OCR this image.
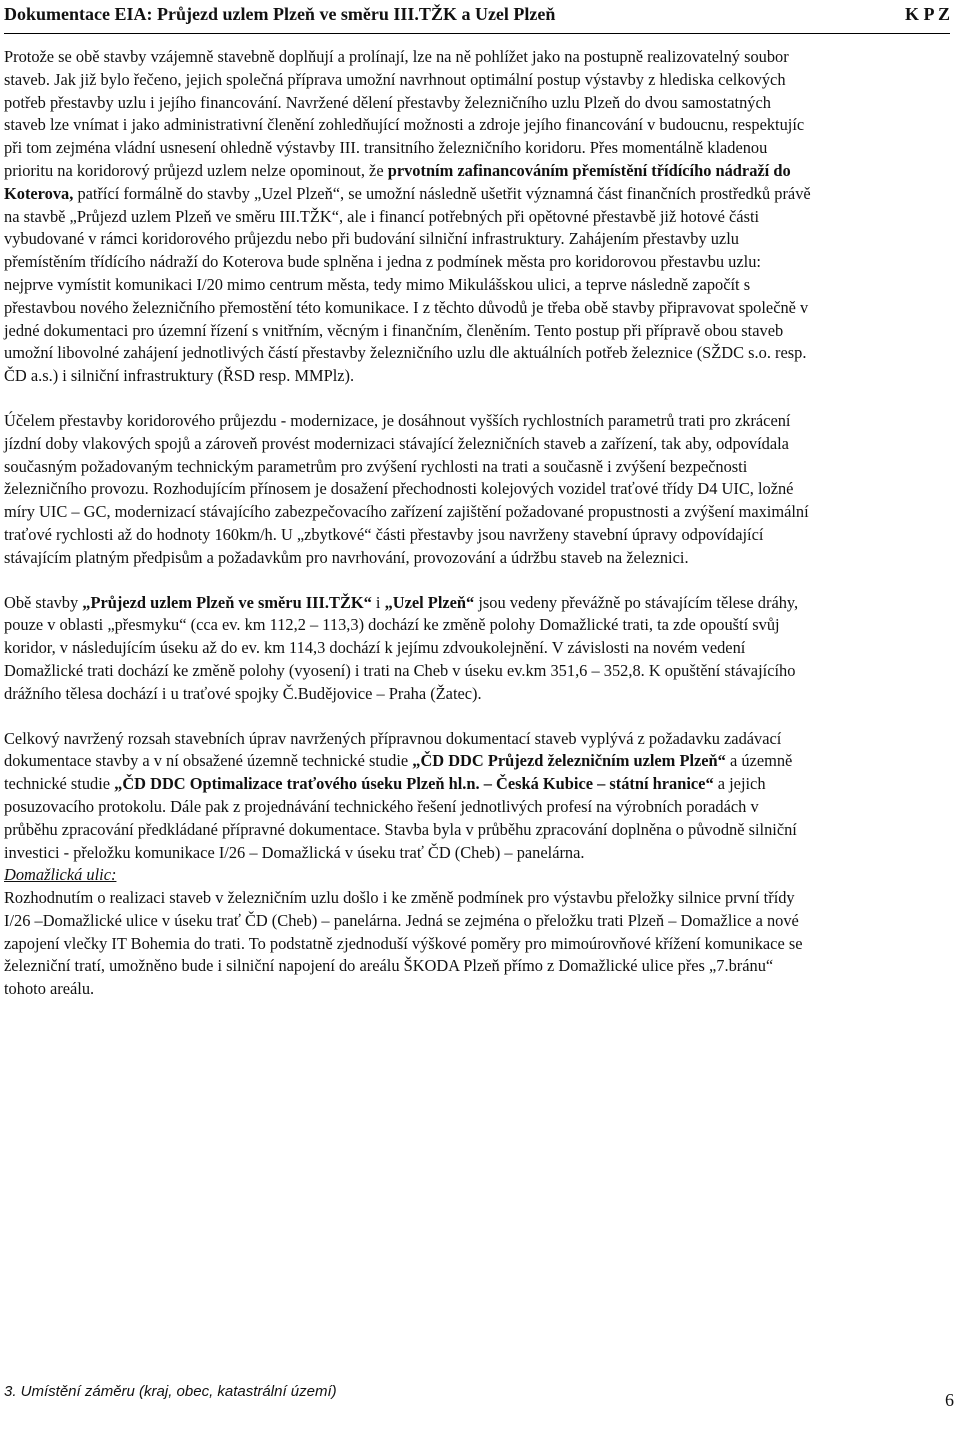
Dokumentace EIA: Průjezd uzlem Plzeň ve směru III.TŽK a Uzel Plzeň	K P Z

Protože se obě stavby vzájemně stavebně doplňují a prolínají, lze na ně pohlížet jako na postupně realizovatelný soubor staveb. Jak již bylo řečeno, jejich společná příprava umožní navrhnout optimální postup výstavby z hlediska celkových potřeb přestavby uzlu i jejího financování. Navržené dělení přestavby železničního uzlu Plzeň do dvou samostatných staveb lze vnímat i jako administrativní členění zohledňující možnosti a zdroje jejího financování v budoucnu, respektujíc při tom zejména vládní usnesení ohledně výstavby III. transitního železničního koridoru. Přes momentálně kladenou prioritu na koridorový průjezd uzlem nelze opominout, že prvotním zafinancováním přemístění třídícího nádraží do Koterova, patřící formálně do stavby „Uzel Plzeň“, se umožní následně ušetřit významná část finančních prostředků právě na stavbě „Průjezd uzlem Plzeň ve směru III.TŽK“, ale i financí potřebných při opětovné přestavbě již hotové části vybudované v rámci koridorového průjezdu nebo při budování silniční infrastruktury. Zahájením přestavby uzlu přemístěním třídícího nádraží do Koterova bude splněna i jedna z podmínek města pro koridorovou přestavbu uzlu: nejprve vymístit komunikaci I/20 mimo centrum města, tedy mimo Mikulášskou ulici, a teprve následně započít s přestavbou nového železničního přemostění této komunikace. I z těchto důvodů je třeba obě stavby připravovat společně v jedné dokumentaci pro územní řízení s vnitřním, věcným i finančním, členěním. Tento postup při přípravě obou staveb umožní libovolné zahájení jednotlivých částí přestavby železničního uzlu dle aktuálních potřeb železnice (SŽDC s.o. resp. ČD a.s.) i silniční infrastruktury (ŘSD resp. MMPlz).

Účelem přestavby koridorového průjezdu - modernizace, je dosáhnout vyšších rychlostních parametrů trati pro zkrácení jízdní doby vlakových spojů a zároveň provést modernizaci stávající železničních staveb a zařízení, tak aby, odpovídala současným požadovaným technickým parametrům pro zvýšení rychlosti na trati a současně i zvýšení bezpečnosti železničního provozu. Rozhodujícím přínosem je dosažení přechodnosti kolejových vozidel traťové třídy D4 UIC, ložné míry UIC – GC, modernizací stávajícího zabezpečovacího zařízení zajištění požadované propustnosti a zvýšení maximální traťové rychlosti až do hodnoty 160km/h. U „zbytkové“ části přestavby jsou navrženy stavební úpravy odpovídající stávajícím platným předpisům a požadavkům pro navrhování, provozování a údržbu staveb na železnici.

Obě stavby „Průjezd uzlem Plzeň ve směru III.TŽK“ i „Uzel Plzeň“ jsou vedeny převážně po stávajícím tělese dráhy, pouze v oblasti „přesmyku“ (cca ev. km 112,2 – 113,3) dochází ke změně polohy Domažlické trati, ta zde opouští svůj koridor, v následujícím úseku až do ev. km 114,3 dochází k jejímu zdvoukolejnění. V závislosti na novém vedení Domažlické trati dochází ke změně polohy (vyosení) i trati na Cheb v úseku ev.km 351,6 – 352,8. K opuštění stávajícího drážního tělesa dochází i u traťové spojky Č.Budějovice – Praha (Žatec).

Celkový navržený rozsah stavebních úprav navržených přípravnou dokumentací staveb vyplývá z požadavku zadávací dokumentace stavby a v ní obsažené územně technické studie „ČD DDC Průjezd železničním uzlem Plzeň“ a územně technické studie „ČD DDC Optimalizace traťového úseku Plzeň hl.n. – Česká Kubice – státní hranice“ a jejich posuzovacího protokolu. Dále pak z projednávání technického řešení jednotlivých profesí na výrobních poradách v průběhu zpracování předkládané přípravné dokumentace. Stavba byla v průběhu zpracování doplněna o původně silniční investici - přeložku komunikace I/26 – Domažlická v úseku trať ČD (Cheb) – panelárna.

Domažlická ulic:

Rozhodnutím o realizaci staveb v železničním uzlu došlo i ke změně podmínek pro výstavbu přeložky silnice první třídy I/26 –Domažlické ulice v úseku trať ČD (Cheb) – panelárna. Jedná se zejména o přeložku trati Plzeň – Domažlice a nové zapojení vlečky IT Bohemia do trati. To podstatně zjednoduší výškové poměry pro mimoúrovňové křížení komunikace se železniční tratí, umožněno bude i silniční napojení do areálu ŠKODA Plzeň přímo z Domažlické ulice přes „7.bránu“ tohoto areálu.

3. Umístění záměru (kraj, obec, katastrální území)	6
